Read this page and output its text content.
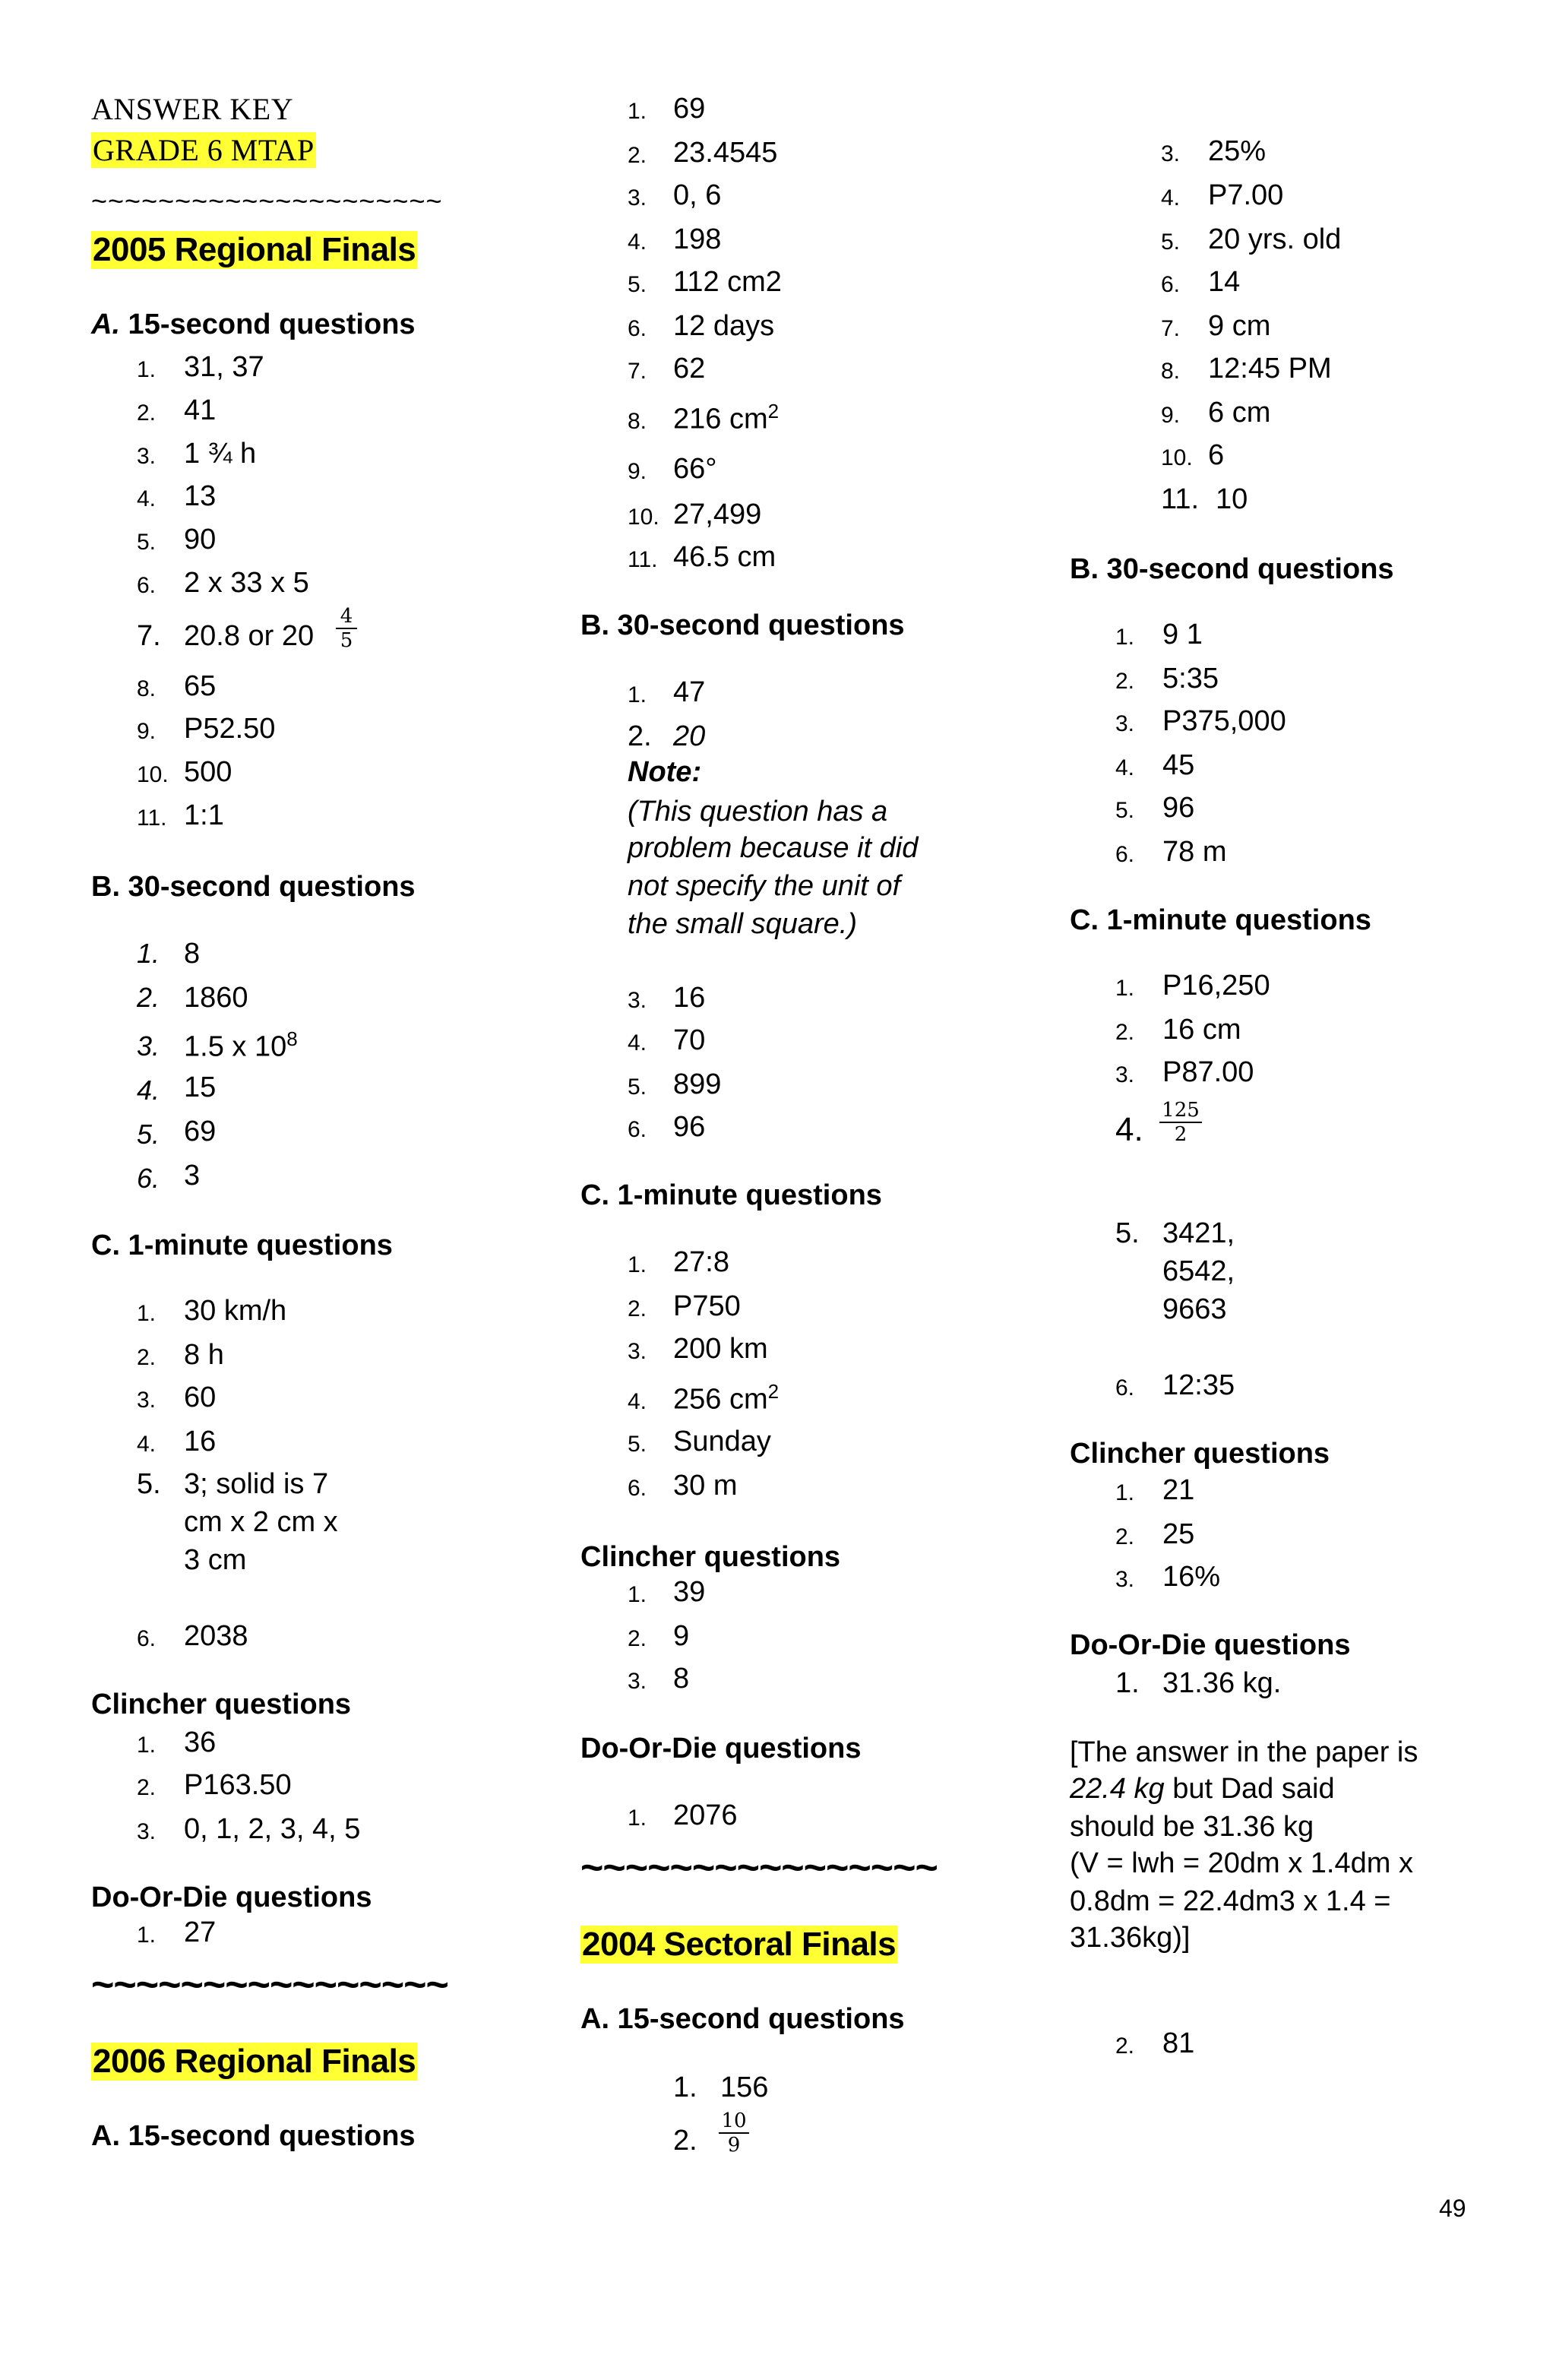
ANSWER KEY
GRADE 6 MTAP
~~~~~~~~~~~~~~~~~~~~~
2005 Regional Finals
A. 15-second questions
1. 31, 37
2. 41
3. 1 ¾ h
4. 13
5. 90
6. 2 x 33 x 5
7. 20.8 or $20 \frac{4}{5}$
8. 65
9. P52.50
10. 500
11. 1:1
B. 30-second questions
1. 8
2. 1860
3. 1.5 x $10^8$
4. 15
5. 69
6. 3
C. 1-minute questions
1. 30 km/h
2. 8 h
3. 60
4. 16
5. 3; solid is 7
cm x 2 cm x
3 cm
6. 2038
Clincher questions
1. 36
2. P163.50
3. 0, 1, 2, 3, 4, 5
Do-Or-Die questions
1. 27
~~~~~~~~~~~~~~~~
2006 Regional Finals
A. 15-second questions
1. 69
2. 23.4545
3. 0, 6
4. 198
5. 112 cm2
6. 12 days
7. 62
8. 216 $cm^2$
9. 66°
10. 27,499
11. 46.5 cm
B. 30-second questions
1. 47
2. 20
Note:
(This question has a
problem because it did
not specify the unit of
the small square.)
3. 16
4. 70
5. 899
6. 96
C. 1-minute questions
1. 27:8
2. P750
3. 200 km
4. 256 $cm^2$
5. Sunday
6. 30 m
Clincher questions
1. 39
2. 9
3. 8
Do-Or-Die questions
1. 2076
~~~~~~~~~~~~~~~~
2004 Sectoral Finals
A. 15-second questions
1. 156
2. $\frac{10}{9}$
3. 25%
4. P7.00
5. 20 yrs. old
6. 14
7. 9 cm
8. 12:45 PM
9. 6 cm
10. 6
11. 10
B. 30-second questions
1. 9 1
2. 5:35
3. P375,000
4. 45
5. 96
6. 78 m
C. 1-minute questions
1. P16,250
2. 16 cm
3. P87.00
4. $\frac{125}{2}$
5. 3421,
6542,
9663
6. 12:35
Clincher questions
1. 21
2. 25
3. 16%
Do-Or-Die questions
1. 31.36 kg.
[The answer in the paper is
22.4 kg but Dad said
should be 31.36 kg
(V = lwh = 20dm x 1.4dm x
0.8dm = 22.4dm3 x 1.4 =
31.36kg)]
2. 81
49
